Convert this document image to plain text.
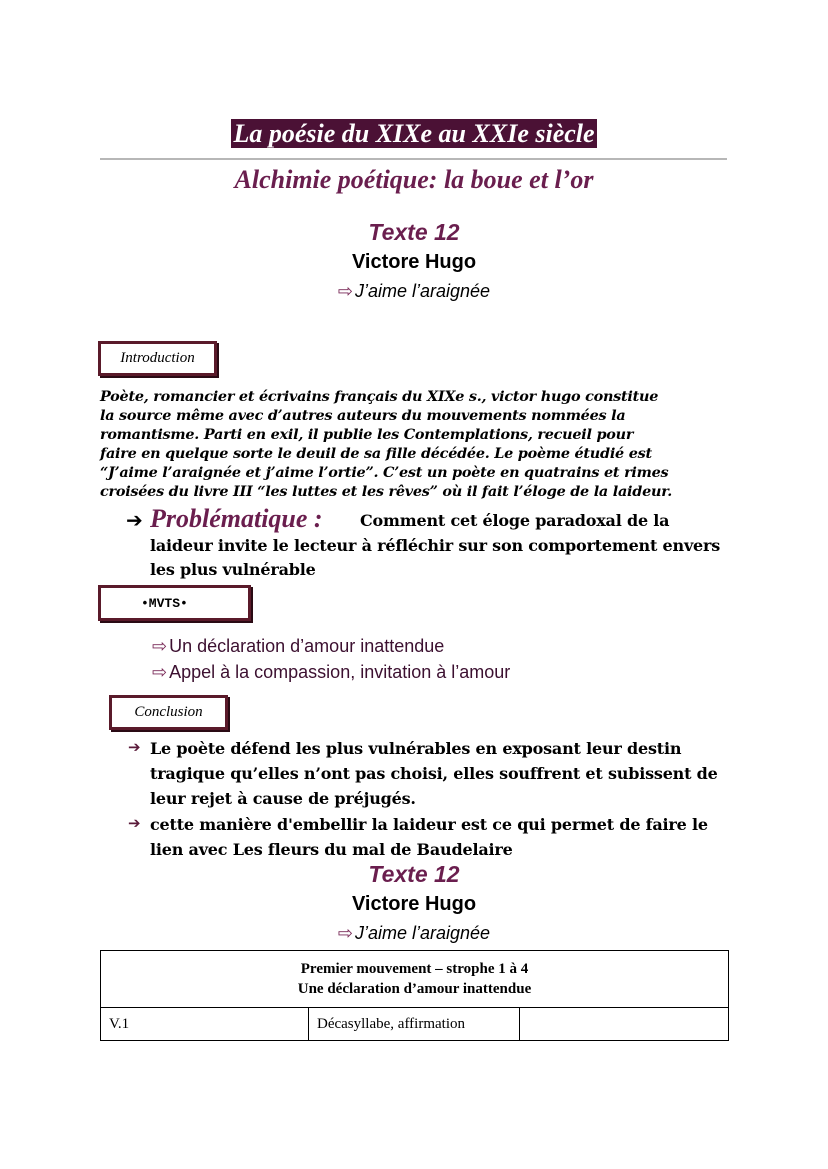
La poésie du XIXe au XXIe siècle
Alchimie poétique: la boue et l’or
Texte 12
Victore Hugo
⇨ J’aime l’araignée
Introduction
Poète, romancier et écrivains français du XIXe s., victor hugo constitue
la source même avec d’autres auteurs du mouvements nommées la
romantisme. Parti en exil, il publie les Contemplations, recueil pour
faire en quelque sorte le deuil de sa fille décédée. Le poème étudié est
“J’aime l’araignée et j’aime l’ortie”. C’est un poète en quatrains et rimes
croisées du livre III “les luttes et les rêves” où il fait l’éloge de la laideur.
➔ Problématique : Comment cet éloge paradoxal de la
laideur invite le lecteur à réfléchir sur son comportement envers
les plus vulnérable
•MVTS•
⇨ Un déclaration d’amour inattendue
⇨ Appel à la compassion, invitation à l’amour
Conclusion
➔ Le poète défend les plus vulnérables en exposant leur destin
tragique qu’elles n’ont pas choisi, elles souffrent et subissent de
leur rejet à cause de préjugés.
➔ cette manière d'embellir la laideur est ce qui permet de faire le
lien avec Les fleurs du mal de Baudelaire
Texte 12
Victore Hugo
⇨ J’aime l’araignée
Premier mouvement – strophe 1 à 4
Une déclaration d’amour inattendue

V.1	Décasyllabe, affirmation	
